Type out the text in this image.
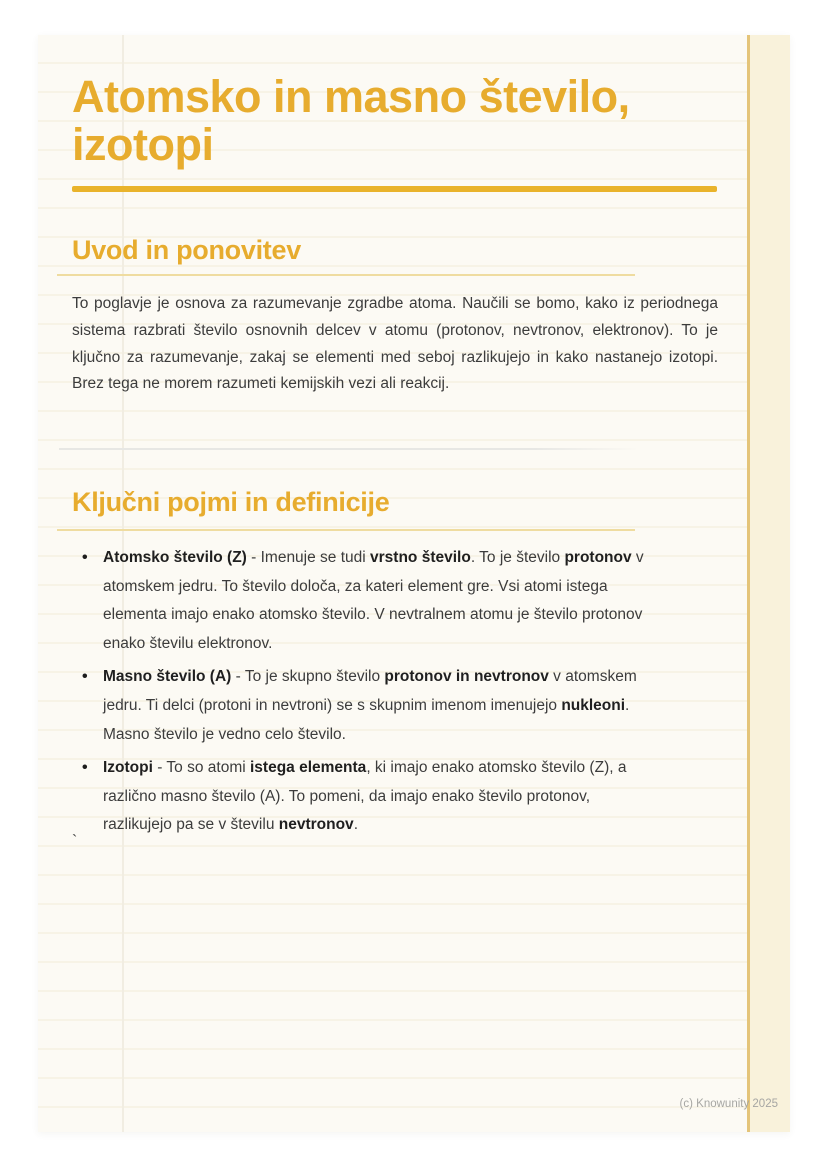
Atomsko in masno število,
izotopi
Uvod in ponovitev

To poglavje je osnova za razumevanje zgradbe atoma. Naučili se bomo, kako iz periodnega sistema razbrati število osnovnih delcev v atomu (protonov, nevtronov, elektronov). To je ključno za razumevanje, zakaj se elementi med seboj razlikujejo in kako nastanejo izotopi. Brez tega ne morem razumeti kemijskih vezi ali reakcij.

Ključni pojmi in definicije
• Atomsko število (Z) - Imenuje se tudi vrstno število. To je število protonov v atomskem jedru. To število določa, za kateri element gre. Vsi atomi istega elementa imajo enako atomsko število. V nevtralnem atomu je število protonov enako številu elektronov.
• Masno število (A) - To je skupno število protonov in nevtronov v atomskem jedru. Ti delci (protoni in nevtroni) se s skupnim imenom imenujejo nukleoni. Masno število je vedno celo število.
• Izotopi - To so atomi istega elementa, ki imajo enako atomsko število (Z), a različno masno število (A). To pomeni, da imajo enako število protonov, razlikujejo pa se v številu nevtronov.
`
(c) Knowunity 2025
